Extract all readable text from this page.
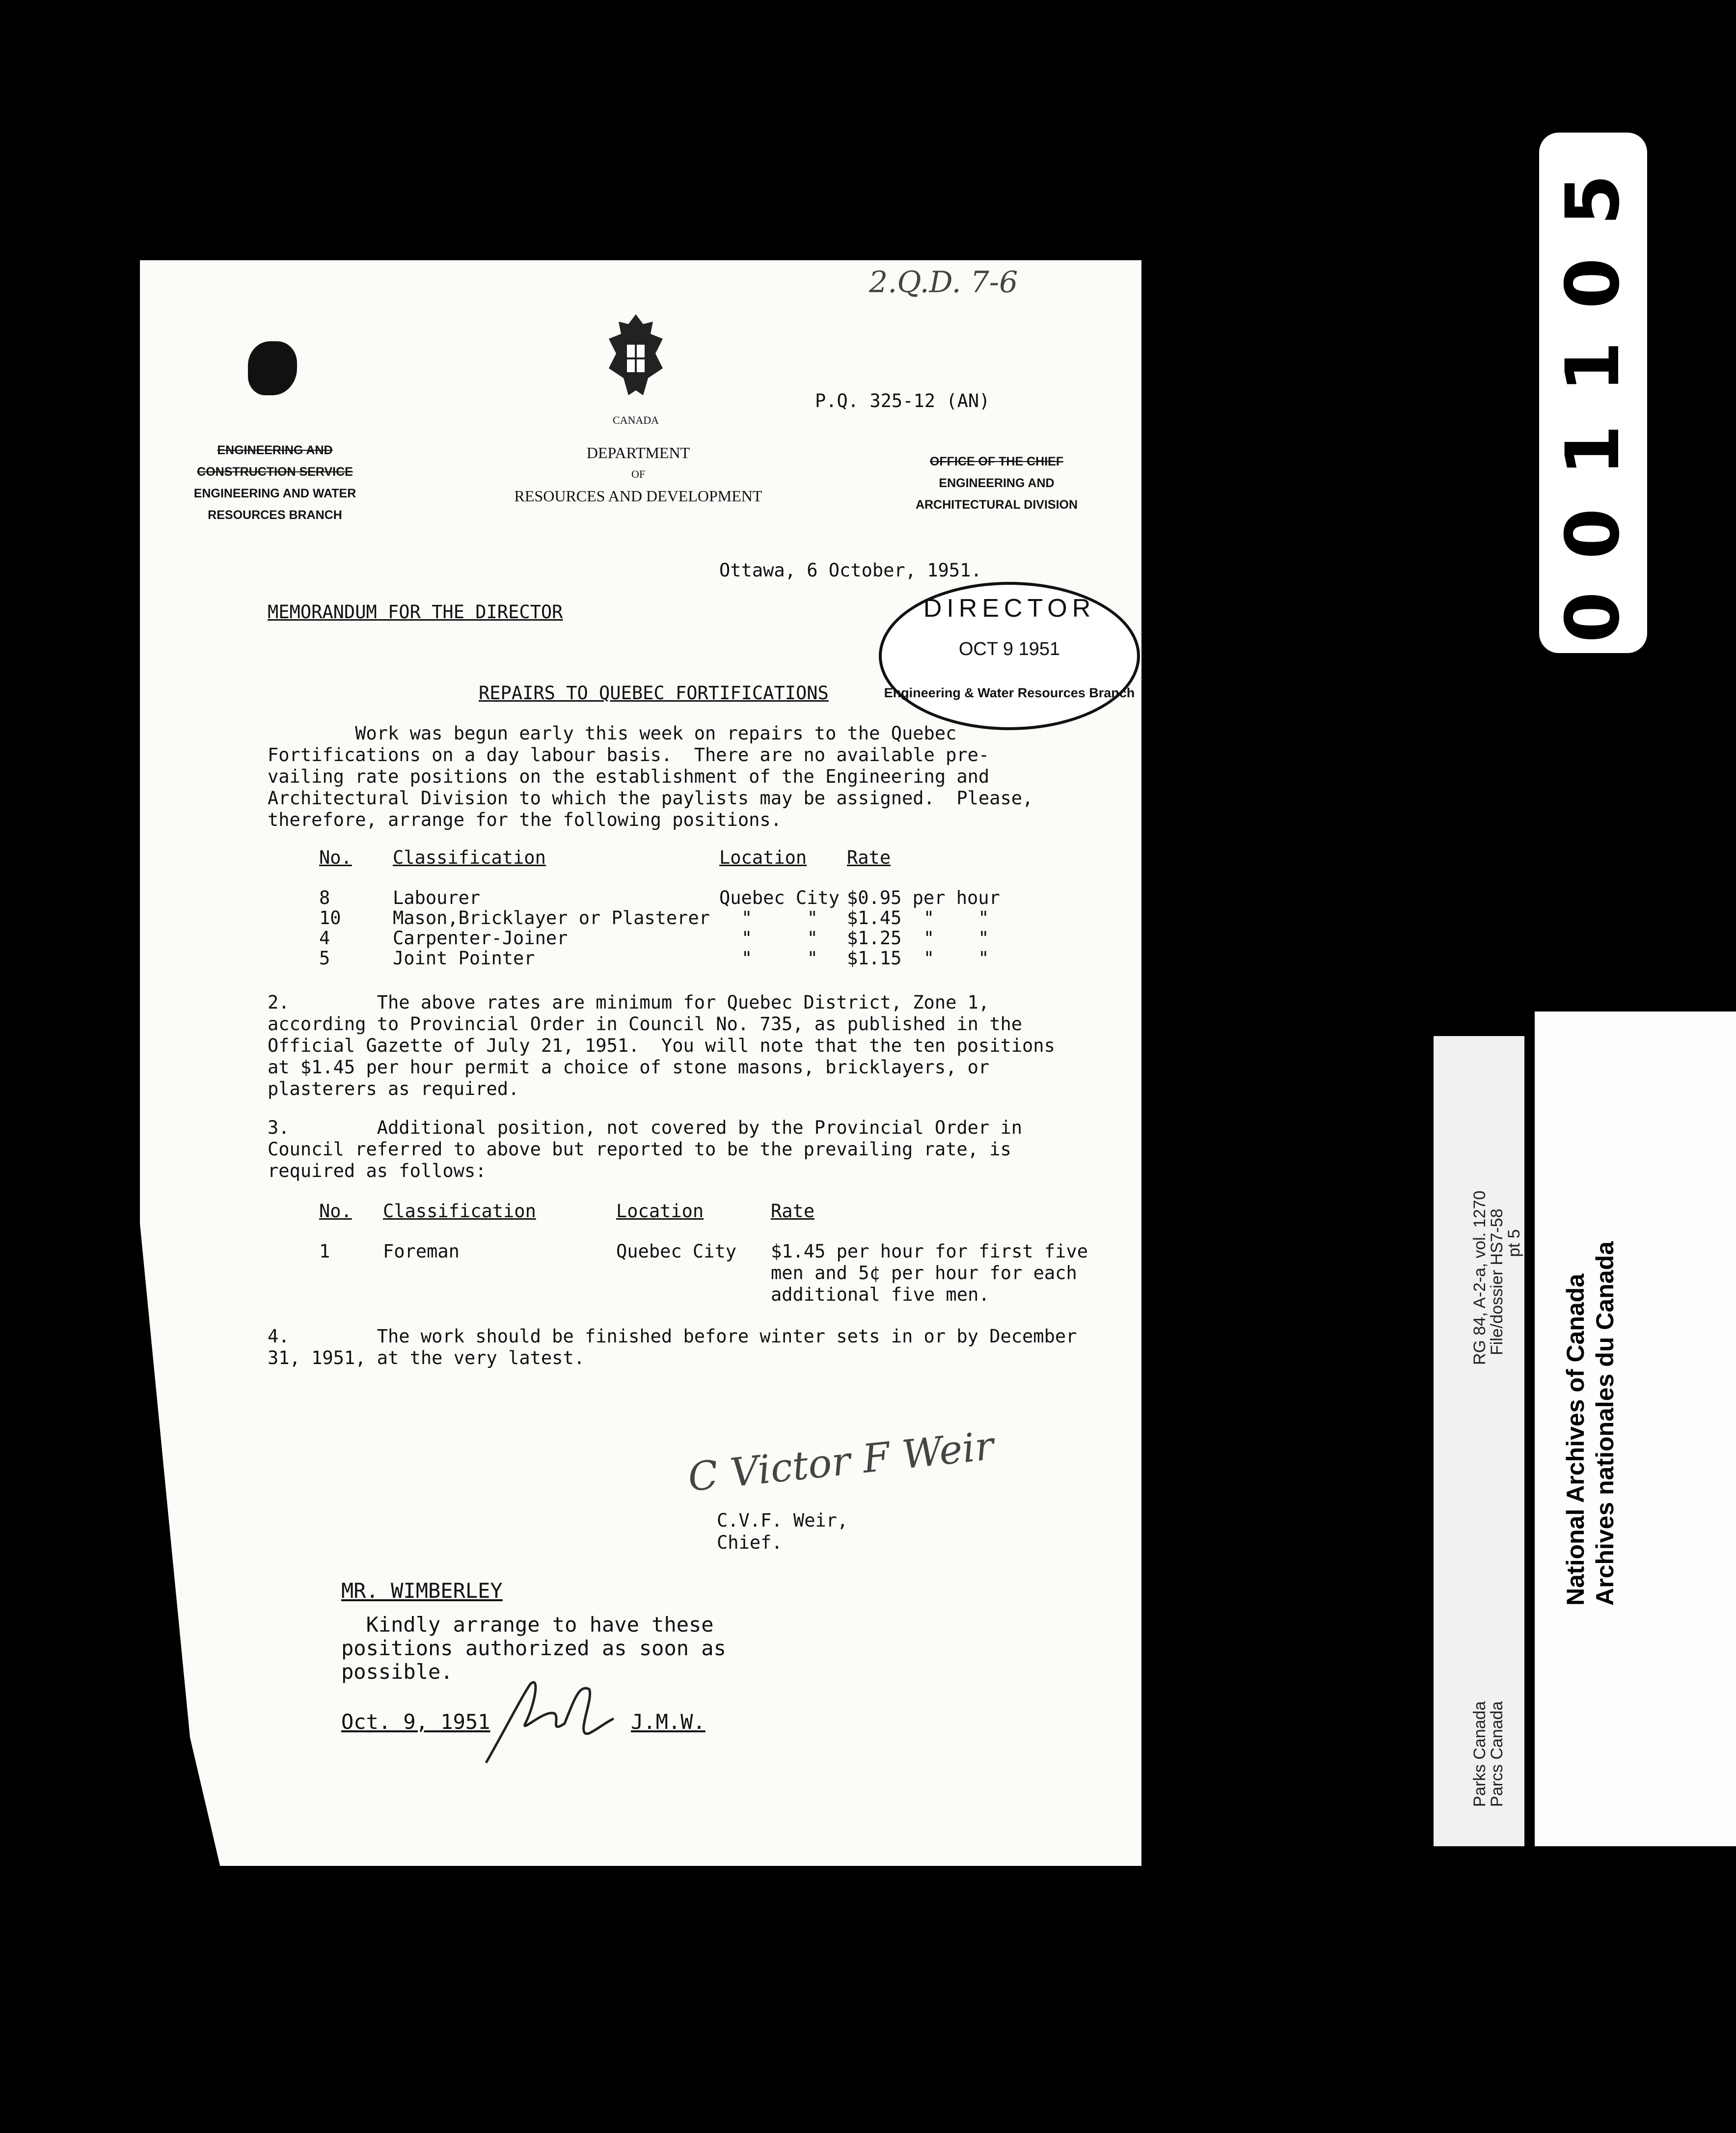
0
0
1
1
0
5
RG 84, A-2-a, vol. 1270
File/dossier HS7-58
pt 5
Parks Canada
Parcs Canada
National Archives of Canada Archives nationales du Canada
2.Q.D. 7-6
CANADA
DEPARTMENT
OF
RESOURCES AND DEVELOPMENT
P.Q. 325-12 (AN)
ENGINEERING AND
CONSTRUCTION SERVICE
ENGINEERING AND WATER
RESOURCES BRANCH
OFFICE OF THE CHIEF
ENGINEERING AND
ARCHITECTURAL DIVISION
Ottawa, 6 October, 1951.
MEMORANDUM FOR THE DIRECTOR	DIRECTOR
OCT 9 1951
Engineering & Water Resources Branch
REPAIRS TO QUEBEC FORTIFICATIONS
Work was begun early this week on repairs to the Quebec
Fortifications on a day labour basis.  There are no available pre-
vailing rate positions on the establishment of the Engineering and
Architectural Division to which the paylists may be assigned.  Please,
therefore, arrange for the following positions.
No. Classification	Location Rate
8	Labourer	Quebec City $0.95 per hour
10	Mason,Bricklayer or Plasterer "     " $1.45  "    "
4	Carpenter-Joiner	"     " $1.25  "    "
5	Joint Pointer	"     " $1.15  "    "
2.        The above rates are minimum for Quebec District, Zone 1,
according to Provincial Order in Council No. 735, as published in the
Official Gazette of July 21, 1951.  You will note that the ten positions
at $1.45 per hour permit a choice of stone masons, bricklayers, or
plasterers as required.
3.        Additional position, not covered by the Provincial Order in
Council referred to above but reported to be the prevailing rate, is
required as follows:
No. Classification	Location	Rate
1	Foreman	Quebec City $1.45 per hour for first five
men and 5¢ per hour for each
additional five men.
4.        The work should be finished before winter sets in or by December
31, 1951, at the very latest.
C Victor F Weir
C.V.F. Weir,
Chief.
MR. WIMBERLEY
Kindly arrange to have these
positions authorized as soon as
possible.
Oct. 9, 1951	J.M.W.
